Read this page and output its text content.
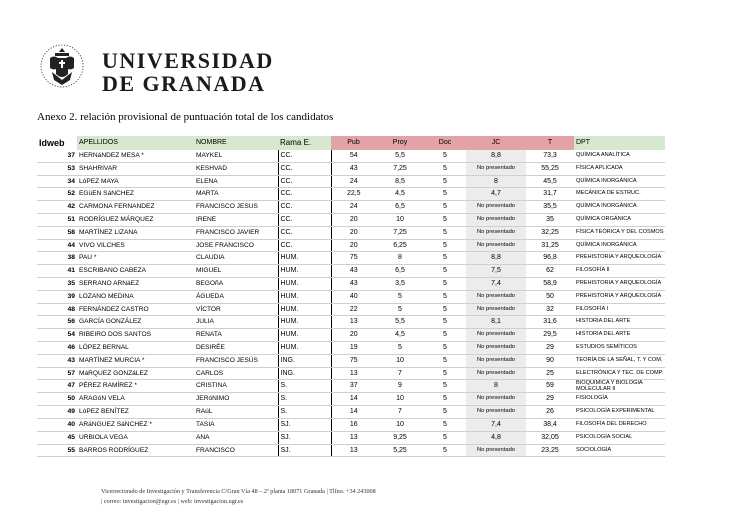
UNIVERSIDAD
DE GRANADA
Anexo 2. relación provisional de puntuación total de los candidatos
Idweb	APELLIDOS	NOMBRE	Rama E.	Pub	Proy	Doc	JC	T	DPT
37	HERNáNDEZ MESA *	MAYKEL	CC.	54	5,5	5	8,8	73,3	QUÍMICA ANALÍTICA
53	SHAHRIVAR	KESHVAD	CC.	43	7,25	5	No presentado	55,25	FÍSICA APLICADA
34	LóPEZ MAYA	ELENA	CC.	24	8,5	5	8	45,5	QUÍMICA INORGÁNICA
52	EGüEN SáNCHEZ	MARTA	CC.	22,5	4,5	5	4,7	31,7	MECÁNICA DE ESTRUC.
42	CARMONA FERNANDEZ	FRANCISCO JESUS	CC.	24	6,5	5	No presentado	35,5	QUÍMICA INORGÁNICA
51	RODRÍGUEZ MÁRQUEZ	IRENE	CC.	20	10	5	No presentado	35	QUÍMICA ORGÁNICA
58	MARTÍNEZ LIZANA	FRANCISCO JAVIER	CC.	20	7,25	5	No presentado	32,25	FÍSICA TEÓRICA Y DEL COSMOS
44	VIVO VILCHES	JOSE FRANCISCO	CC.	20	6,25	5	No presentado	31,25	QUÍMICA INORGÁNICA
38	PAU *	CLAUDIA	HUM.	75	8	5	8,8	96,8	PREHISTORIA Y ARQUEOLOGÍA
41	ESCRIBANO CABEZA	MIGUEL	HUM.	43	6,5	5	7,5	62	FILOSOFÍA II
35	SERRANO ARNáEZ	BEGOñA	HUM.	43	3,5	5	7,4	58,9	PREHISTORIA Y ARQUEOLOGÍA
39	LOZANO MEDINA	ÁGUEDA	HUM.	40	5	5	No presentado	50	PREHISTORIA Y ARQUEOLOGÍA
48	FERNÁNDEZ CASTRO	VÍCTOR	HUM.	22	5	5	No presentado	32	FILOSOFÍA I
56	GARCÍA GONZÁLEZ	JULIA	HUM.	13	5,5	5	8,1	31,6	HISTORIA DEL ARTE
54	RIBEIRO DOS SANTOS	RENATA	HUM.	20	4,5	5	No presentado	29,5	HISTORIA DEL ARTE
46	LÓPEZ BERNAL	DESIRÉE	HUM.	19	5	5	No presentado	29	ESTUDIOS SEMÍTICOS
43	MARTÍNEZ MURCIA *	FRANCISCO JESÚS	ING.	75	10	5	No presentado	90	TEORÍA DE LA SEÑAL, T. Y COM.
57	MáRQUEZ GONZáLEZ	CARLOS	ING.	13	7	5	No presentado	25	ELECTRÓNICA Y TEC. DE COMP.
47	PÉREZ RAMÍREZ *	CRISTINA	S.	37	9	5	8	59	BIOQUÍMICA Y BIOLOGÍA MOLECULAR II
50	ARAGóN VELA	JERóNIMO	S.	14	10	5	No presentado	29	FISIOLOGÍA
49	LóPEZ BENÍTEZ	RAúL	S.	14	7	5	No presentado	26	PSICOLOGÍA EXPERIMENTAL
40	ARáNGUEZ SáNCHEZ *	TASIA	SJ.	16	10	5	7,4	38,4	FILOSOFÍA DEL DERECHO
45	URBIOLA VEGA	ANA	SJ.	13	9,25	5	4,8	32,05	PSICOLOGÍA SOCIAL
55	BARROS RODRÍGUEZ	FRANCISCO	SJ.	13	5,25	5	No presentado	23,25	SOCIOLOGÍA
Vicerrectorado de Investigación y Transferencia C/Gran Vía 48 – 2ª planta 18071 Granada | Tlfno. +34 243008
| correo: investigacion@ugr.es | web: investigacion.ugr.es
